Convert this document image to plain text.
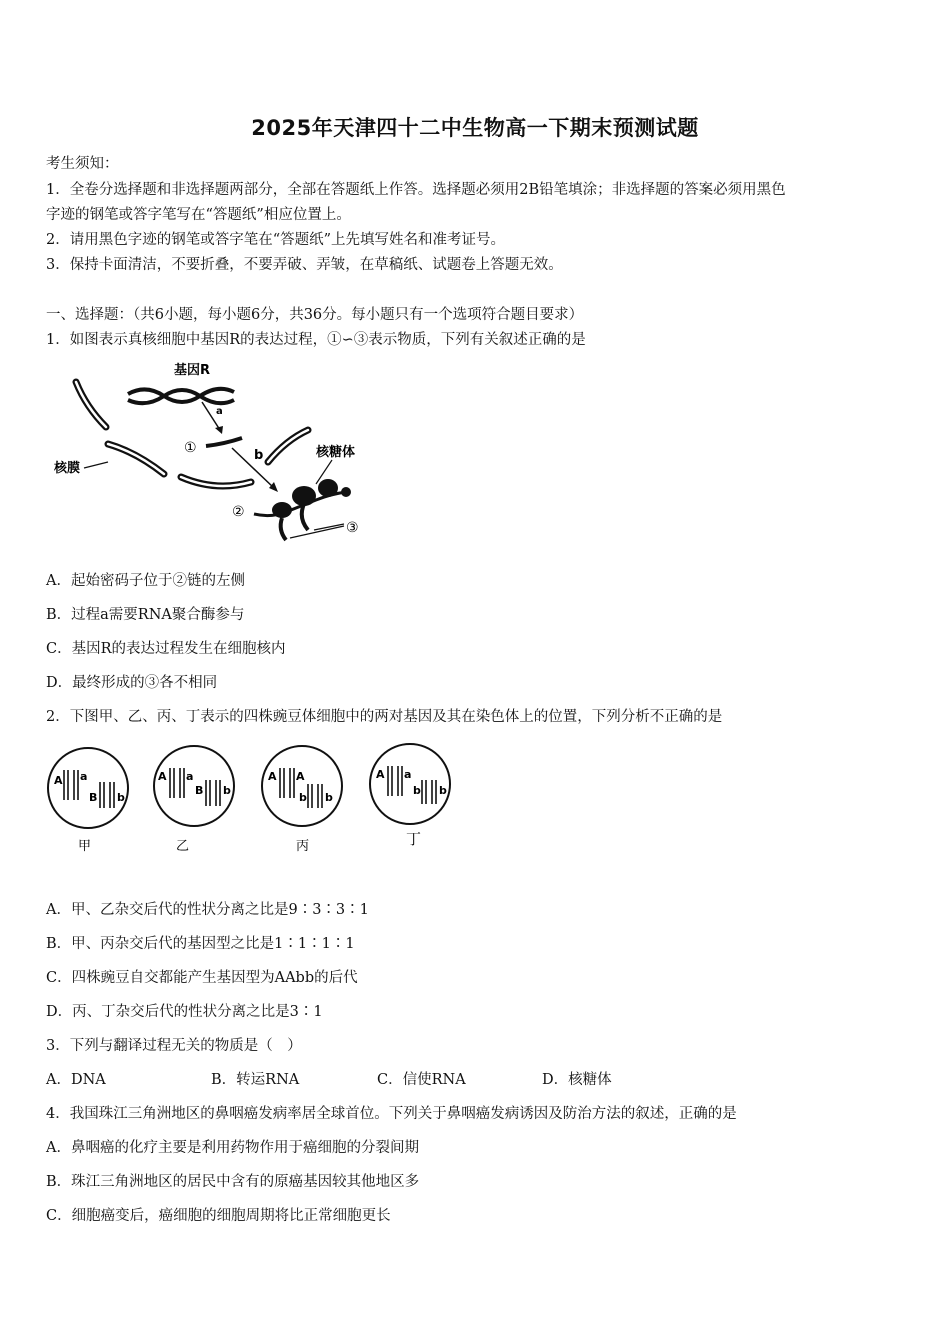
2025年天津四十二中生物高一下期末预测试题
考生须知：
1．全卷分选择题和非选择题两部分，全部在答题纸上作答。选择题必须用2B铅笔填涂；非选择题的答案必须用黑色
字迹的钢笔或答字笔写在“答题纸”相应位置上。
2．请用黑色字迹的钢笔或答字笔在“答题纸”上先填写姓名和准考证号。
3．保持卡面清洁，不要折叠，不要弄破、弄皱，在草稿纸、试题卷上答题无效。
一、选择题：（共6小题，每小题6分，共36分。每小题只有一个选项符合题目要求）
1．如图表示真核细胞中基因R的表达过程，①∽③表示物质，下列有关叙述正确的是
基因R
a
①	b	核糖体
②
③
核膜
A．起始密码子位于②链的左侧
B．过程a需要RNA聚合酶参与
C．基因R的表达过程发生在细胞核内
D．最终形成的③各不相同
2．下图甲、乙、丙、丁表示的四株豌豆体细胞中的两对基因及其在染色体上的位置，下列分析不正确的是
A a
B b
甲
A a
B b
乙
A A
b b
丙
A a
b b
丁
A．甲、乙杂交后代的性状分离之比是9∶3∶3∶1
B．甲、丙杂交后代的基因型之比是1∶1∶1∶1
C．四株豌豆自交都能产生基因型为AAbb的后代
D．丙、丁杂交后代的性状分离之比是3∶1
3．下列与翻译过程无关的物质是（　）
A．DNA	B．转运RNA	C．信使RNA	D．核糖体
4．我国珠江三角洲地区的鼻咽癌发病率居全球首位。下列关于鼻咽癌发病诱因及防治方法的叙述，正确的是
A．鼻咽癌的化疗主要是利用药物作用于癌细胞的分裂间期
B．珠江三角洲地区的居民中含有的原癌基因较其他地区多
C．细胞癌变后，癌细胞的细胞周期将比正常细胞更长
